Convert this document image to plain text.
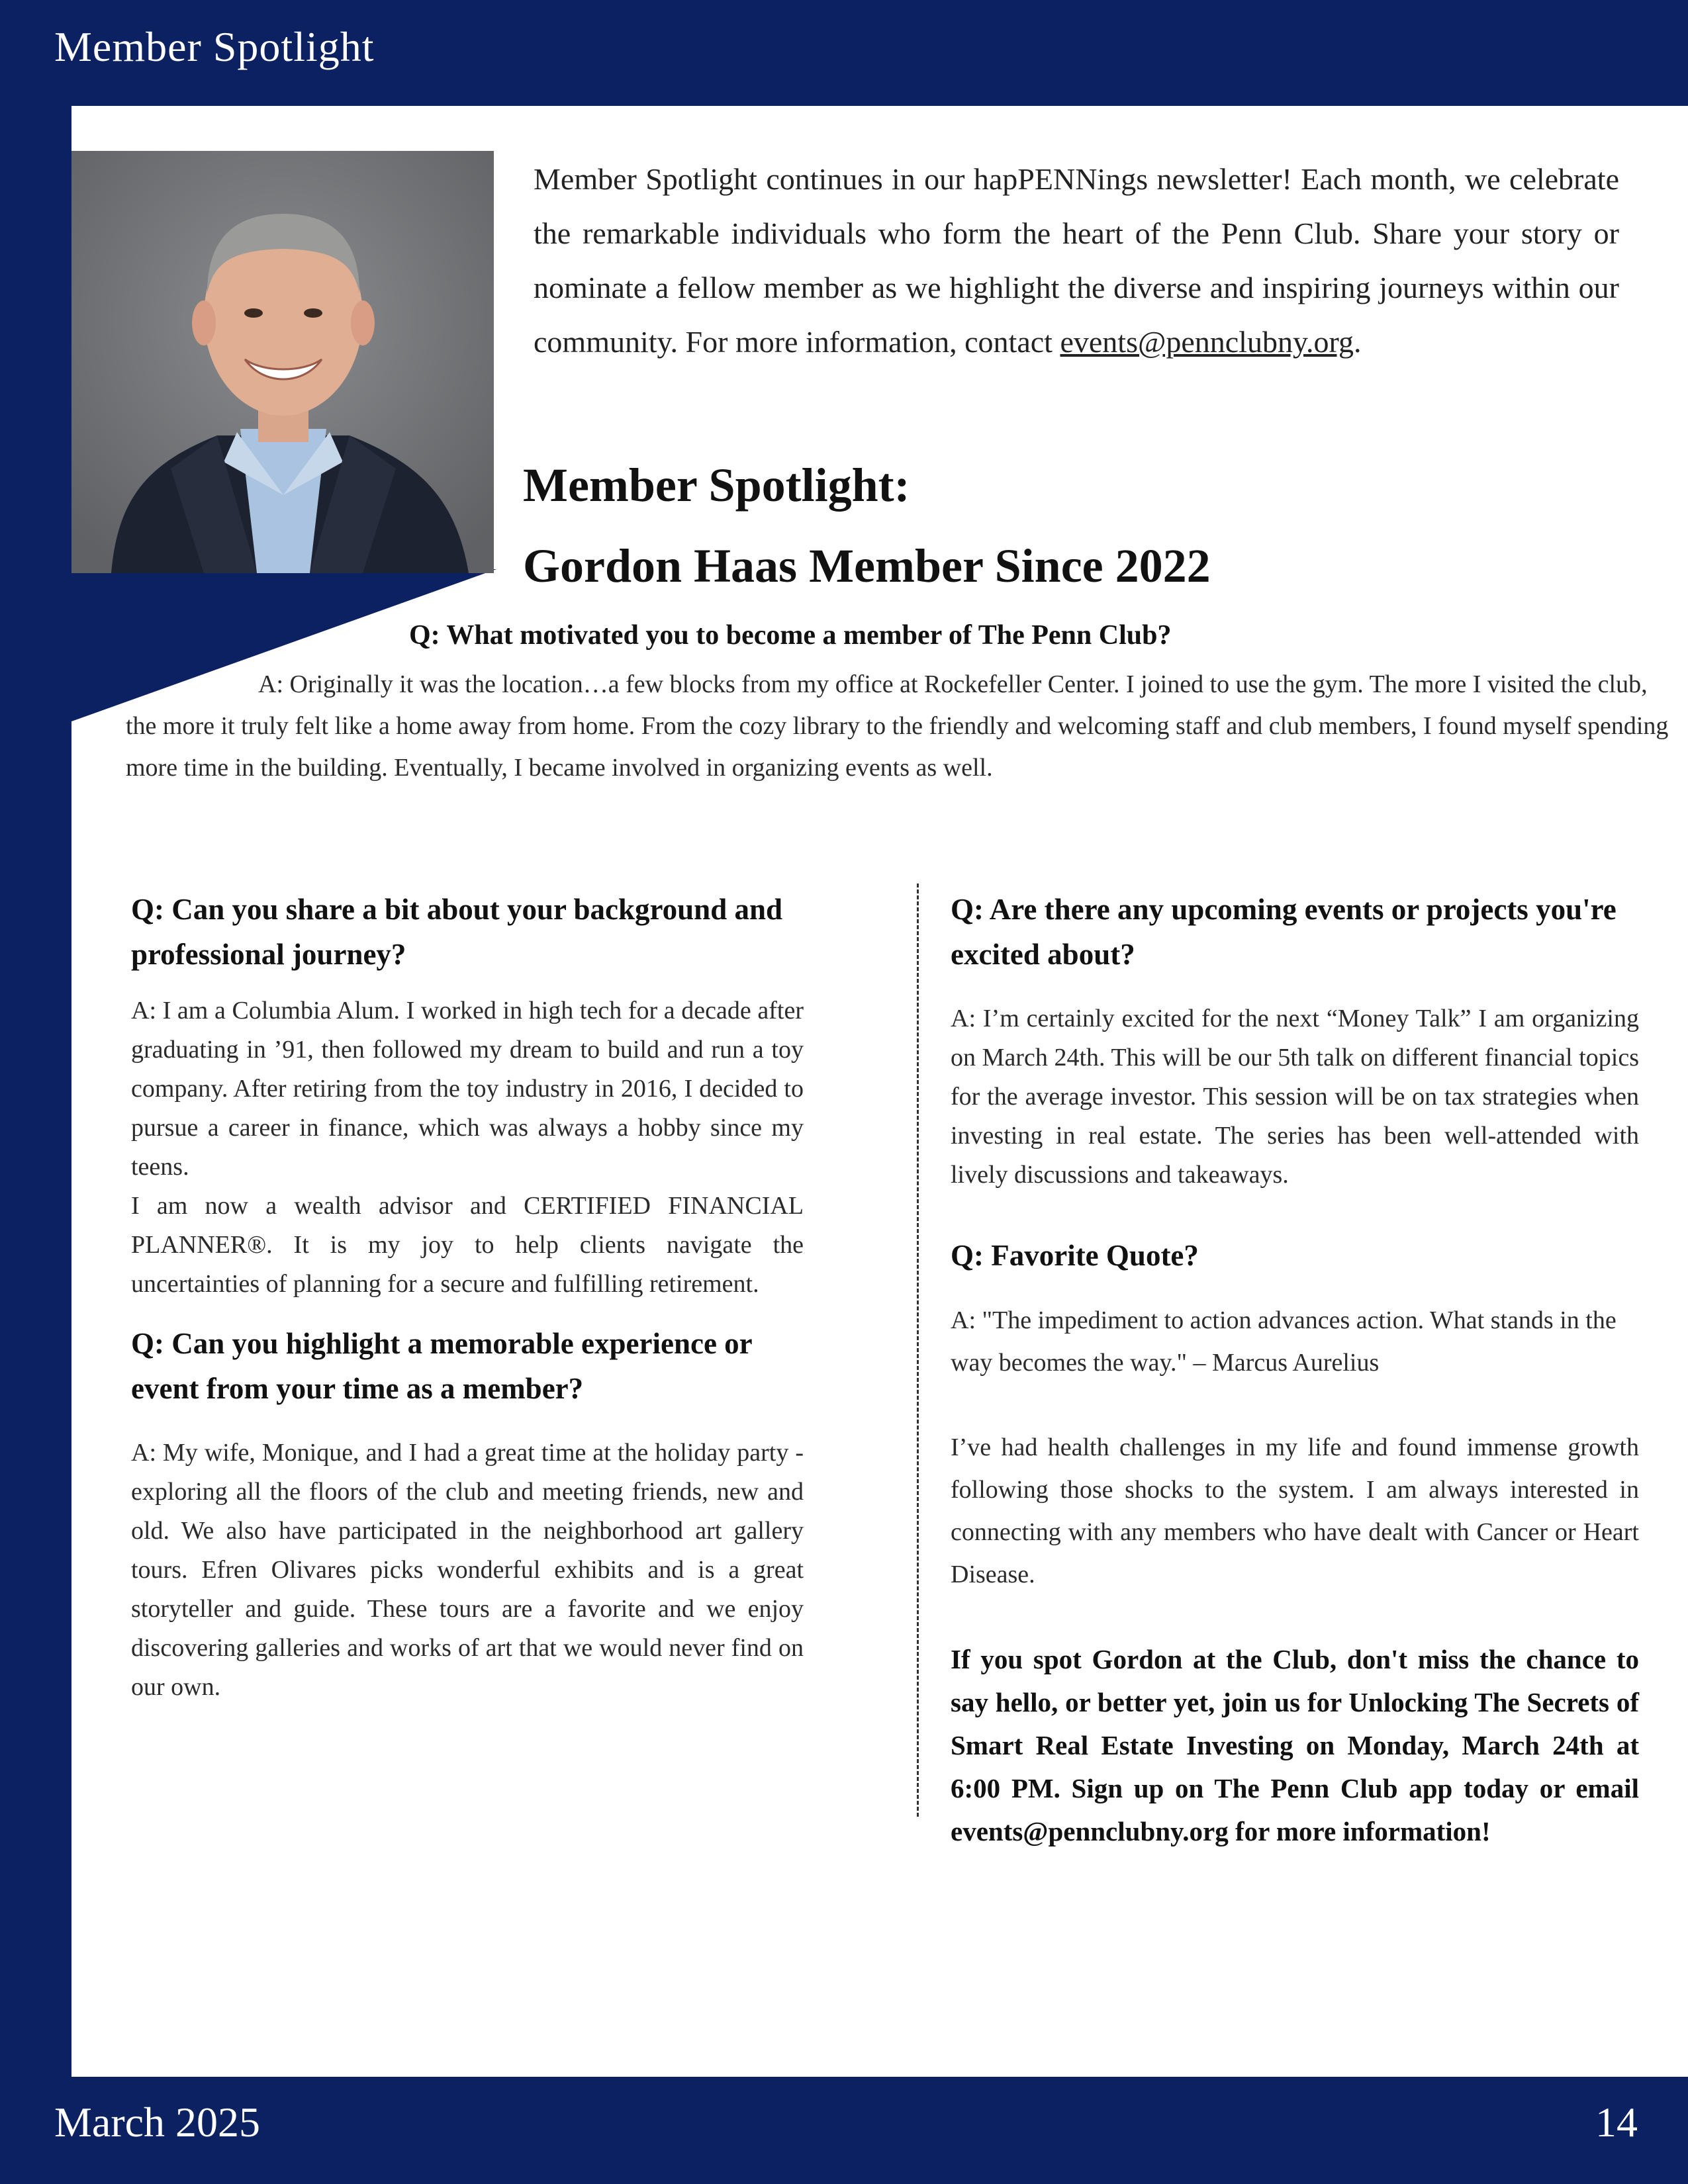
Member Spotlight

Member Spotlight continues in our hapPENNings newsletter! Each month, we celebrate the remarkable individuals who form the heart of the Penn Club. Share your story or nominate a fellow member as we highlight the diverse and inspiring journeys within our community. For more information, contact events@pennclubny.org.

Member Spotlight:
Gordon Haas Member Since 2022

Q: What motivated you to become a member of The Penn Club?

A: Originally it was the location…a few blocks from my office at Rockefeller Center. I joined to use the gym. The more I visited the club, the more it truly felt like a home away from home. From the cozy library to the friendly and welcoming staff and club members, I found myself spending more time in the building. Eventually, I became involved in organizing events as well.

Q: Can you share a bit about your background and professional journey?

A: I am a Columbia Alum. I worked in high tech for a decade after graduating in ’91, then followed my dream to build and run a toy company. After retiring from the toy industry in 2016, I decided to pursue a career in finance, which was always a hobby since my teens.

I am now a wealth advisor and CERTIFIED FINANCIAL PLANNER®. It is my joy to help clients navigate the uncertainties of planning for a secure and fulfilling retirement.

Q: Can you highlight a memorable experience or event from your time as a member?

A: My wife, Monique, and I had a great time at the holiday party - exploring all the floors of the club and meeting friends, new and old. We also have participated in the neighborhood art gallery tours. Efren Olivares picks wonderful exhibits and is a great storyteller and guide. These tours are a favorite and we enjoy discovering galleries and works of art that we would never find on our own.

Q: Are there any upcoming events or projects you're excited about?

A: I’m certainly excited for the next “Money Talk” I am organizing on March 24th. This will be our 5th talk on different financial topics for the average investor. This session will be on tax strategies when investing in real estate. The series has been well-attended with lively discussions and takeaways.

Q: Favorite Quote?

A: "The impediment to action advances action. What stands in the way becomes the way." – Marcus Aurelius

I’ve had health challenges in my life and found immense growth following those shocks to the system. I am always interested in connecting with any members who have dealt with Cancer or Heart Disease.

If you spot Gordon at the Club, don't miss the chance to say hello, or better yet, join us for Unlocking The Secrets of Smart Real Estate Investing on Monday, March 24th at 6:00 PM. Sign up on The Penn Club app today or email events@pennclubny.org for more information!

March 2025	14
